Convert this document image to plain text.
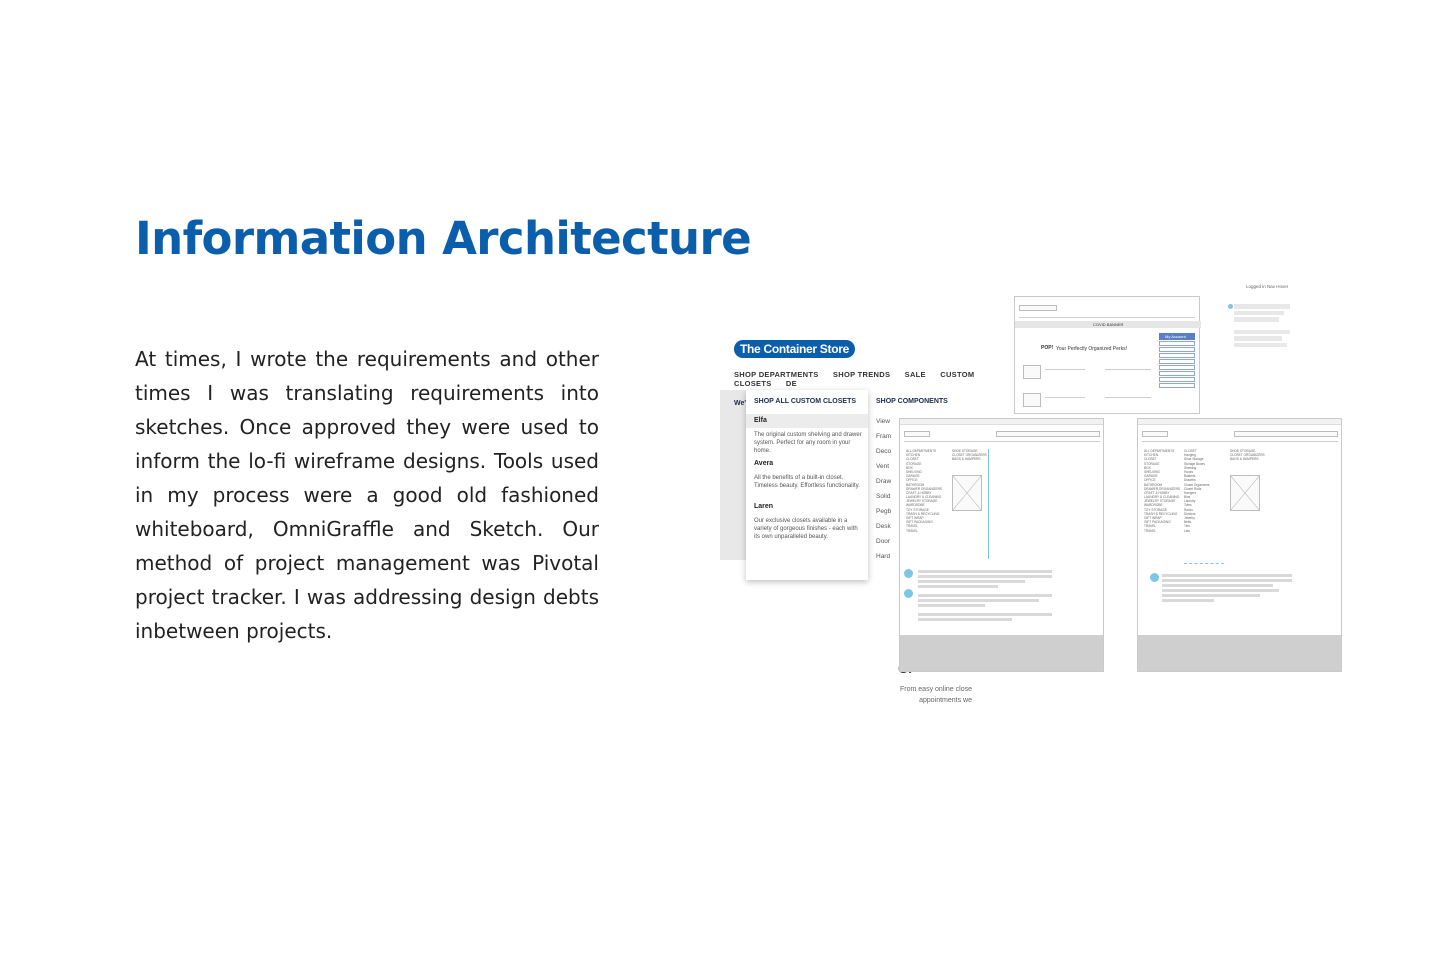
Information Architecture

At times, I wrote the requirements and other times I was translating requirements into sketches. Once approved they were used to inform the lo-fi wireframe designs. Tools used in my process were a good old fashioned whiteboard, OmniGraffle and Sketch. Our method of project management was Pivotal project tracker. I was addressing design debts inbetween projects.

COVID BANNER
POP! Your Perfectly Organized Perks!
My Account
Logged in Nav Hover
The Container Store
SHOP DEPARTMENTS SHOP TRENDS SALE CUSTOM CLOSETS DE
We' SHOP ALL CUSTOM CLOSETS
Elfa
The original custom shelving and drawer system. Perfect for any room in your home.
Avera
All the benefits of a built-in closet. Timeless beauty. Effortless functionality.
Laren
Our exclusive closets available in a variety of gorgeous finishes - each with its own unparalleled beauty.
SHOP COMPONENTS
View
Fram
Deco
Vent
Draw
Solid
Pegb
Desk
Door
Hard
From easy online close
appointments we
ALL DEPARTMENTS
KITCHEN
CLOSET
STORAGE
BOX
SHELVING
GARAGE
OFFICE
BATHROOM
DRAWER ORGANIZERS
CRAFT & HOBBY
LAUNDRY & CLEANING
JEWELRY STORAGE
WARDROBE
TOY STORAGE
TRASH & RECYCLING
GIFT WRAP
GIFT PACKAGING
TRAVEL
TRAVEL
SHOE STORAGE
CLOSET ORGANIZERS
BAGS & HAMPERS
ALL DEPARTMENTS
KITCHEN
CLOSET
STORAGE
BOX
SHELVING
GARAGE
OFFICE
BATHROOM
DRAWER ORGANIZERS
CRAFT & HOBBY
LAUNDRY & CLEANING
JEWELRY STORAGE
WARDROBE
TOY STORAGE
TRASH & RECYCLING
GIFT WRAP
GIFT PACKAGING
TRAVEL
TRAVEL
CLOSET
Hanging
Shoe Storage
Storage Boxes
Shelving
Hooks
Baskets
Drawers
Closet Organizers
Closet Rods
Hangers
Bins
Laundry
Totes
Racks
Dividers
Jewelry
Belts
Ties
Lids
SHOE STORAGE
CLOSET ORGANIZERS
BAGS & HAMPERS
